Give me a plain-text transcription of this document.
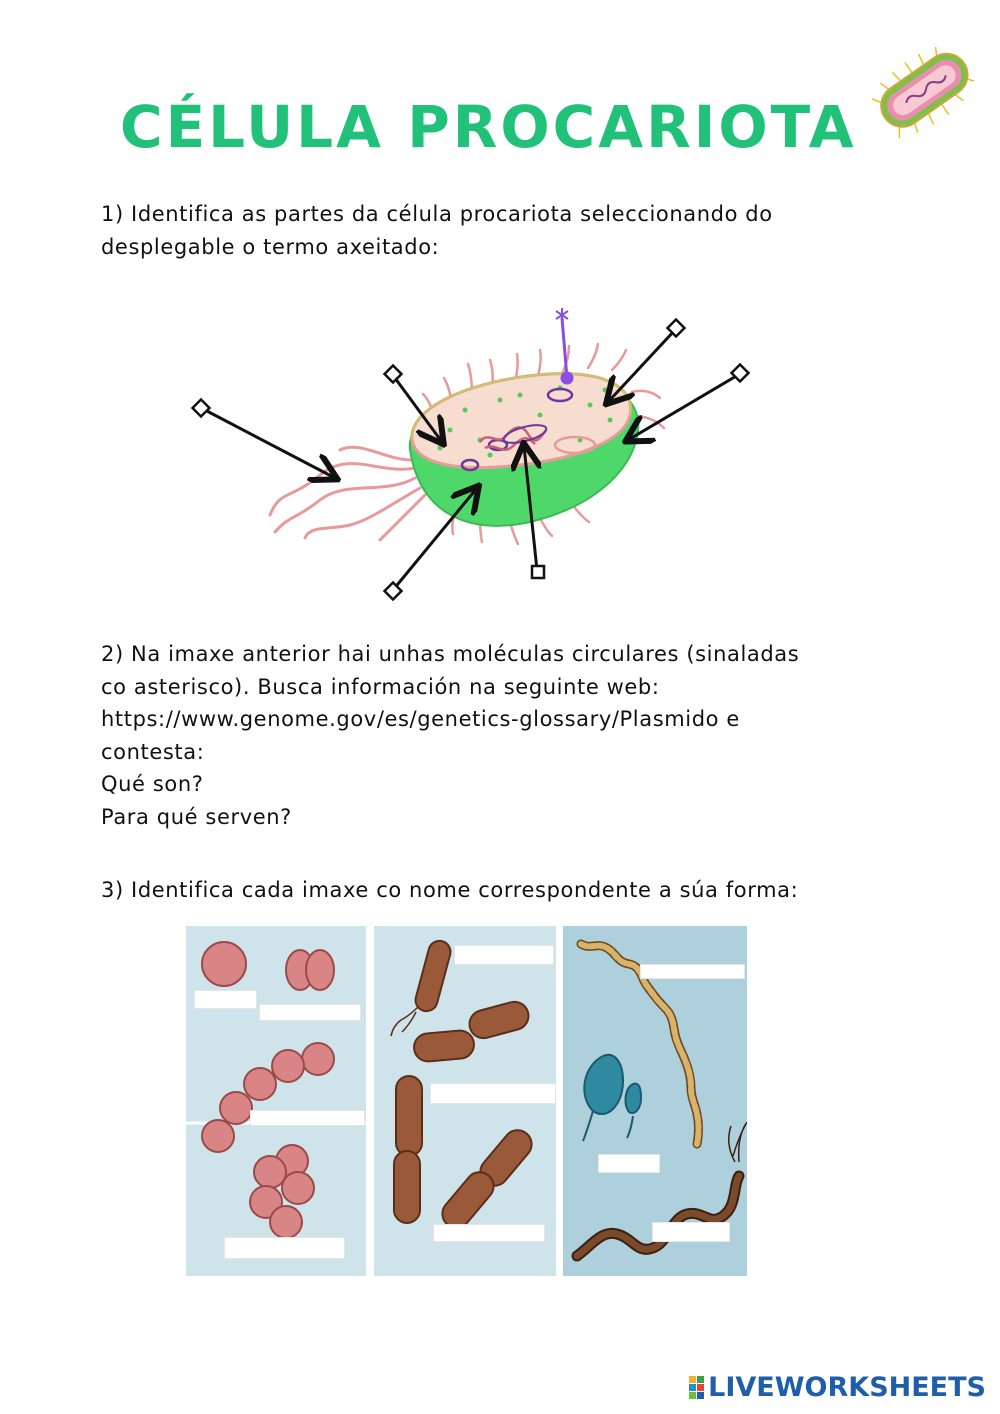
CÉLULA PROCARIOTA

1) Identifica as partes da célula procariota seleccionando do

desplegable o termo axeitado:

2) Na imaxe anterior hai unhas moléculas circulares (sinaladas

co asterisco). Busca información na seguinte web:

https://www.genome.gov/es/genetics-glossary/Plasmido e

contesta:

Qué son?

Para qué serven?

3) Identifica cada imaxe co nome correspondente a súa forma:

LIVEWORKSHEETS
